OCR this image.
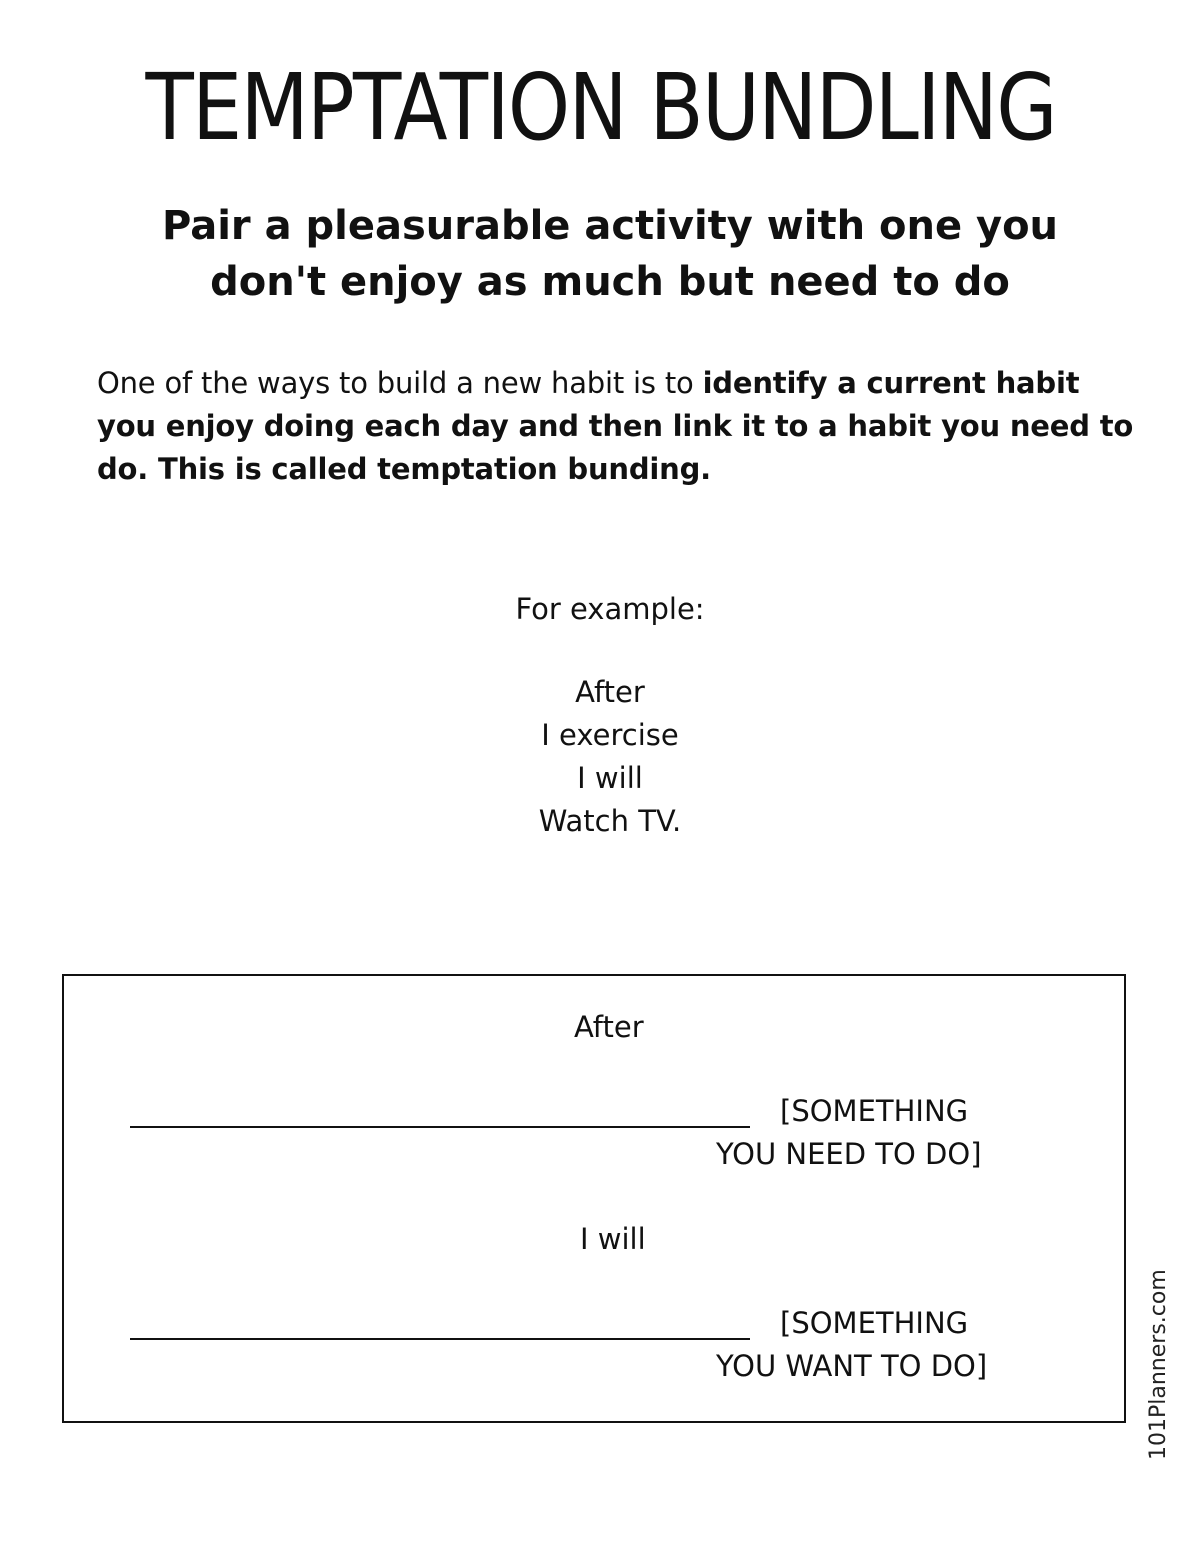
TEMPTATION BUNDLING
Pair a pleasurable activity with one you
don't enjoy as much but need to do

One of the ways to build a new habit is to identify a current habit you enjoy doing each day and then link it to a habit you need to do. This is called temptation bunding.

For example:
After
I exercise
I will
Watch TV.
After
[SOMETHING
YOU NEED TO DO]
I will
[SOMETHING
YOU WANT TO DO]	101Planners.com
